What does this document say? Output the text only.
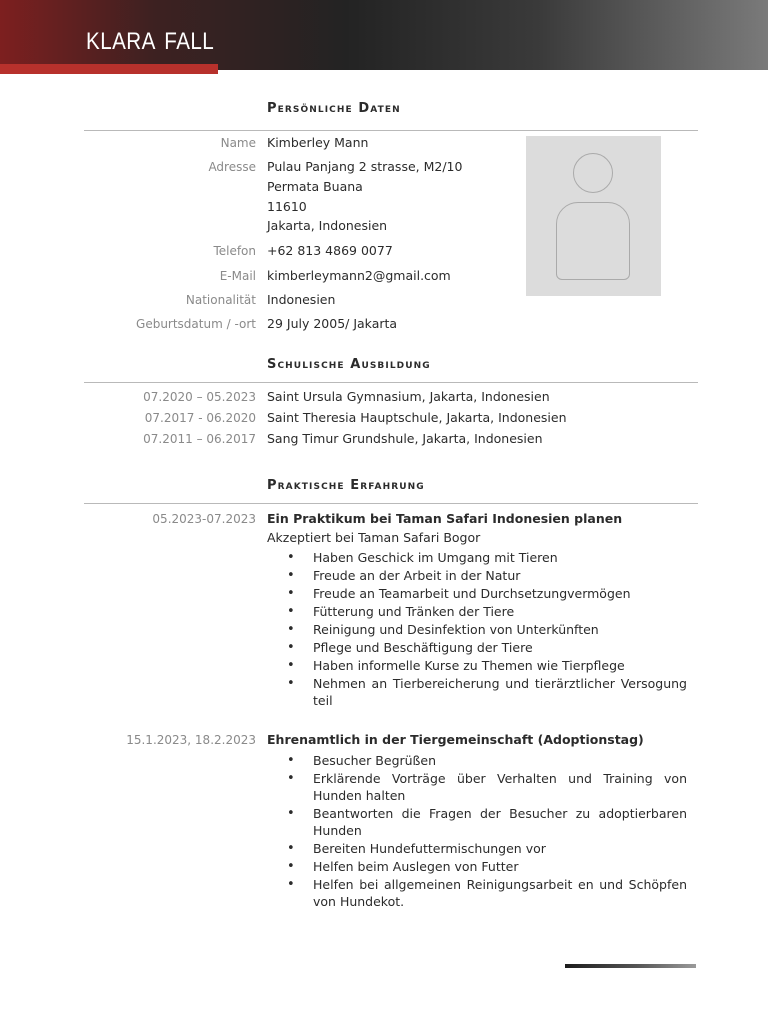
KLARA FALL
Persönliche Daten
Name Kimberley Mann
Adresse Pulau Panjang 2 strasse, M2/10
Permata Buana
11610
Jakarta, Indonesien
Telefon +62 813 4869 0077
E-Mail kimberleymann2@gmail.com
Nationalität Indonesien
Geburtsdatum / -ort 29 July 2005/ Jakarta
Schulische Ausbildung
07.2020 – 05.2023 Saint Ursula Gymnasium, Jakarta, Indonesien
07.2017 - 06.2020 Saint Theresia Hauptschule, Jakarta, Indonesien
07.2011 – 06.2017 Sang Timur Grundshule, Jakarta, Indonesien
Praktische Erfahrung
05.2023-07.2023 Ein Praktikum bei Taman Safari Indonesien planen
Akzeptiert bei Taman Safari Bogor
• Haben Geschick im Umgang mit Tieren
• Freude an der Arbeit in der Natur
• Freude an Teamarbeit und Durchsetzungvermögen
• Fütterung und Tränken der Tiere
• Reinigung und Desinfektion von Unterkünften
• Pflege und Beschäftigung der Tiere
• Haben informelle Kurse zu Themen wie Tierpflege
• Nehmen an Tierbereicherung und tierärztlicher Versogung teil
15.1.2023, 18.2.2023 Ehrenamtlich in der Tiergemeinschaft (Adoptionstag)
• Besucher Begrüßen
• Erklärende Vorträge über Verhalten und Training von Hunden halten
• Beantworten die Fragen der Besucher zu adoptierbaren Hunden
• Bereiten Hundefuttermischungen vor
• Helfen beim Auslegen von Futter
• Helfen bei allgemeinen Reinigungsarbeit en und Schöpfen von Hundekot.
